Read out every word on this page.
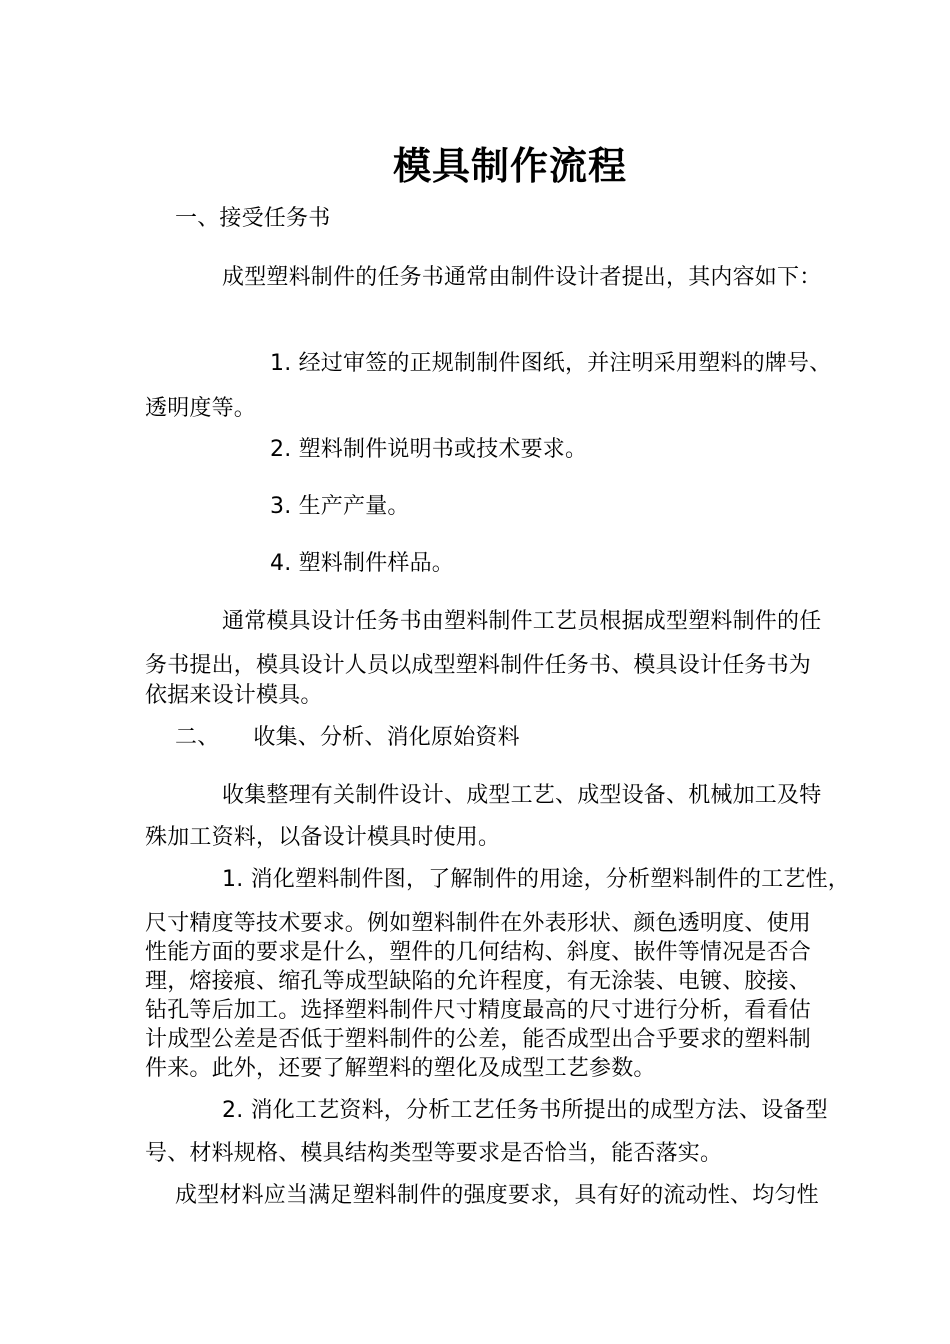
模具制作流程

一、接受任务书

成型塑料制件的任务书通常由制件设计者提出，其内容如下：

1. 经过审签的正规制制件图纸，并注明采用塑料的牌号、

透明度等。

2. 塑料制件说明书或技术要求。

3. 生产产量。

4. 塑料制件样品。

通常模具设计任务书由塑料制件工艺员根据成型塑料制件的任

务书提出，模具设计人员以成型塑料制件任务书、模具设计任务书为

依据来设计模具。

二、 收集、分析、消化原始资料

收集整理有关制件设计、成型工艺、成型设备、机械加工及特

殊加工资料，以备设计模具时使用。

1. 消化塑料制件图，了解制件的用途，分析塑料制件的工艺性，

尺寸精度等技术要求。例如塑料制件在外表形状、颜色透明度、使用

性能方面的要求是什么，塑件的几何结构、斜度、嵌件等情况是否合

理，熔接痕、缩孔等成型缺陷的允许程度，有无涂装、电镀、胶接、

钻孔等后加工。选择塑料制件尺寸精度最高的尺寸进行分析，看看估

计成型公差是否低于塑料制件的公差，能否成型出合乎要求的塑料制

件来。此外，还要了解塑料的塑化及成型工艺参数。

2. 消化工艺资料，分析工艺任务书所提出的成型方法、设备型

号、材料规格、模具结构类型等要求是否恰当，能否落实。

成型材料应当满足塑料制件的强度要求，具有好的流动性、均匀性
